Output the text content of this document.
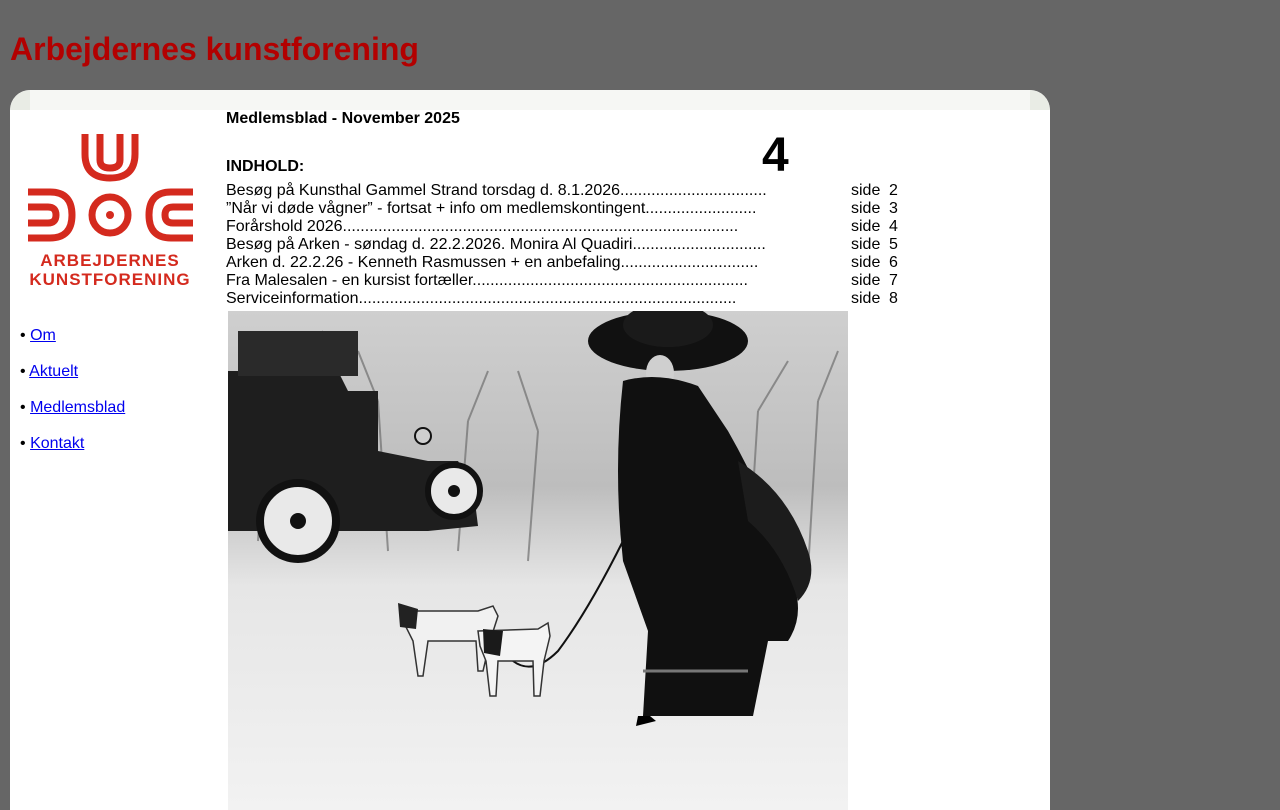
Arbejdernes kunstforening
ARBEJDERNES
KUNSTFORENING
• Om
• Aktuelt
• Medlemsblad
• Kontakt
Medlemsblad - November 2025
4
INDHOLD:
Besøg på Kunsthal Gammel Strand torsdag d. 8.1.2026.................................	side 2
”Når vi døde vågner” - fortsat + info om medlemskontingent.........................	side 3
Forårshold 2026.........................................................................................	side 4
Besøg på Arken - søndag d. 22.2.2026. Monira Al Quadiri..............................	side 5
Arken d. 22.2.26 - Kenneth Rasmussen + en anbefaling...............................	side 6
Fra Malesalen - en kursist fortæller..............................................................	side 7
Serviceinformation.....................................................................................	side 8
